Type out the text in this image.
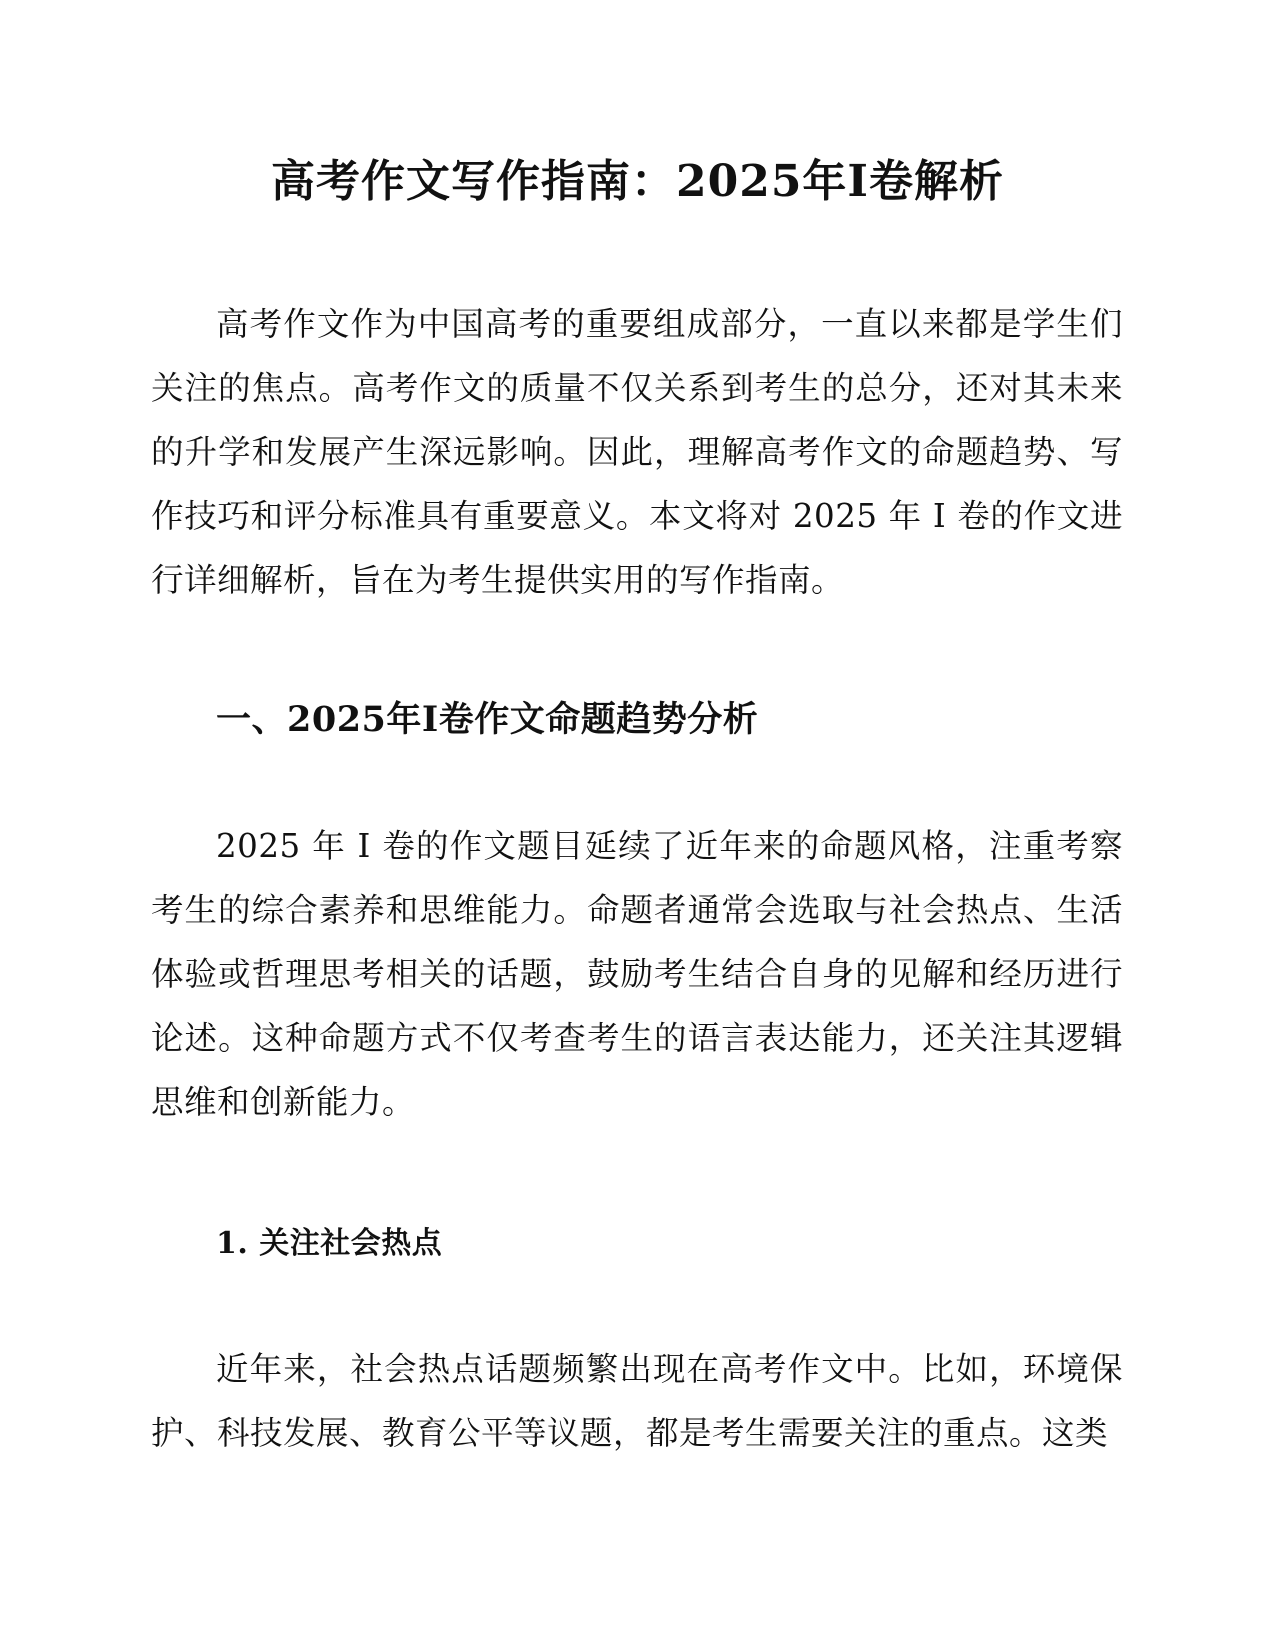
高考作文写作指南：2025年I卷解析

高考作文作为中国高考的重要组成部分，一直以来都是学生们关注的焦点。高考作文的质量不仅关系到考生的总分，还对其未来的升学和发展产生深远影响。因此，理解高考作文的命题趋势、写作技巧和评分标准具有重要意义。本文将对 2025 年 I 卷的作文进行详细解析，旨在为考生提供实用的写作指南。

一、2025年I卷作文命题趋势分析

2025 年 I 卷的作文题目延续了近年来的命题风格，注重考察考生的综合素养和思维能力。命题者通常会选取与社会热点、生活体验或哲理思考相关的话题，鼓励考生结合自身的见解和经历进行论述。这种命题方式不仅考查考生的语言表达能力，还关注其逻辑思维和创新能力。

1. 关注社会热点

近年来，社会热点话题频繁出现在高考作文中。比如，环境保护、科技发展、教育公平等议题，都是考生需要关注的重点。这类
